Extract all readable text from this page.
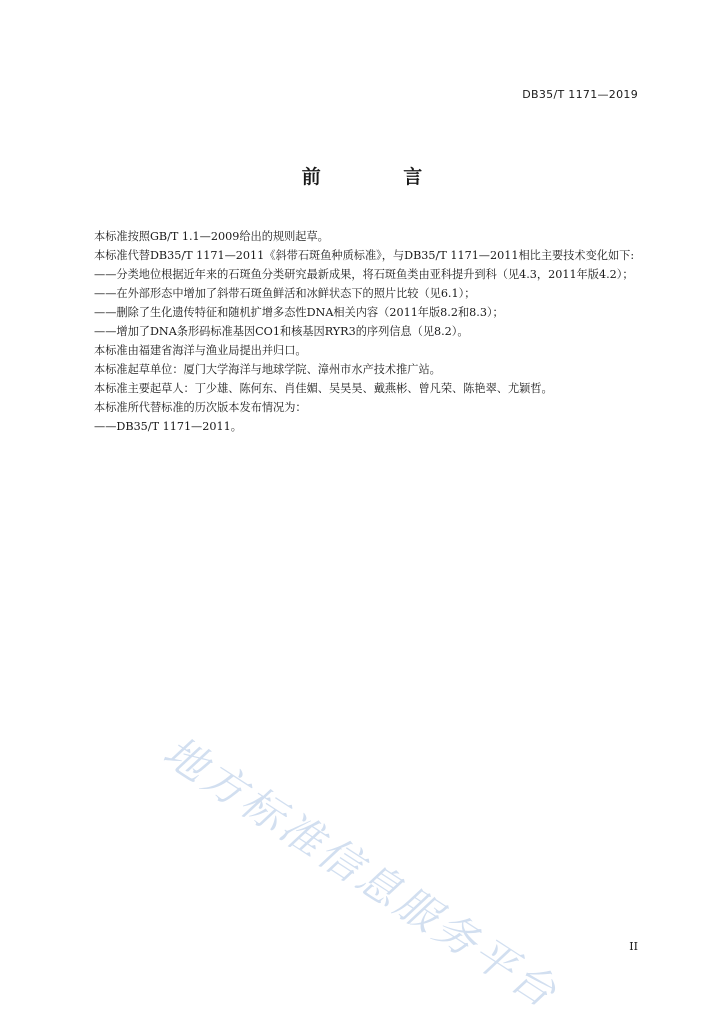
DB35/T 1171—2019
前 言

本标准按照GB/T 1.1—2009给出的规则起草。

本标准代替DB35/T 1171—2011《斜带石斑鱼种质标准》，与DB35/T 1171—2011相比主要技术变化如下:

——分类地位根据近年来的石斑鱼分类研究最新成果，将石斑鱼类由亚科提升到科（见4.3，2011年版4.2）；

——在外部形态中增加了斜带石斑鱼鲜活和冰鲜状态下的照片比较（见6.1）；

——删除了生化遗传特征和随机扩增多态性DNA相关内容（2011年版8.2和8.3）；

——增加了DNA条形码标准基因CO1和核基因RYR3的序列信息（见8.2）。

本标准由福建省海洋与渔业局提出并归口。

本标准起草单位：厦门大学海洋与地球学院、漳州市水产技术推广站。

本标准主要起草人：丁少雄、陈何东、肖佳媚、吴昊昊、戴燕彬、曾凡荣、陈艳翠、尤颖哲。

本标准所代替标准的历次版本发布情况为：

——DB35/T 1171—2011。

地方标准信息服务平台	II
